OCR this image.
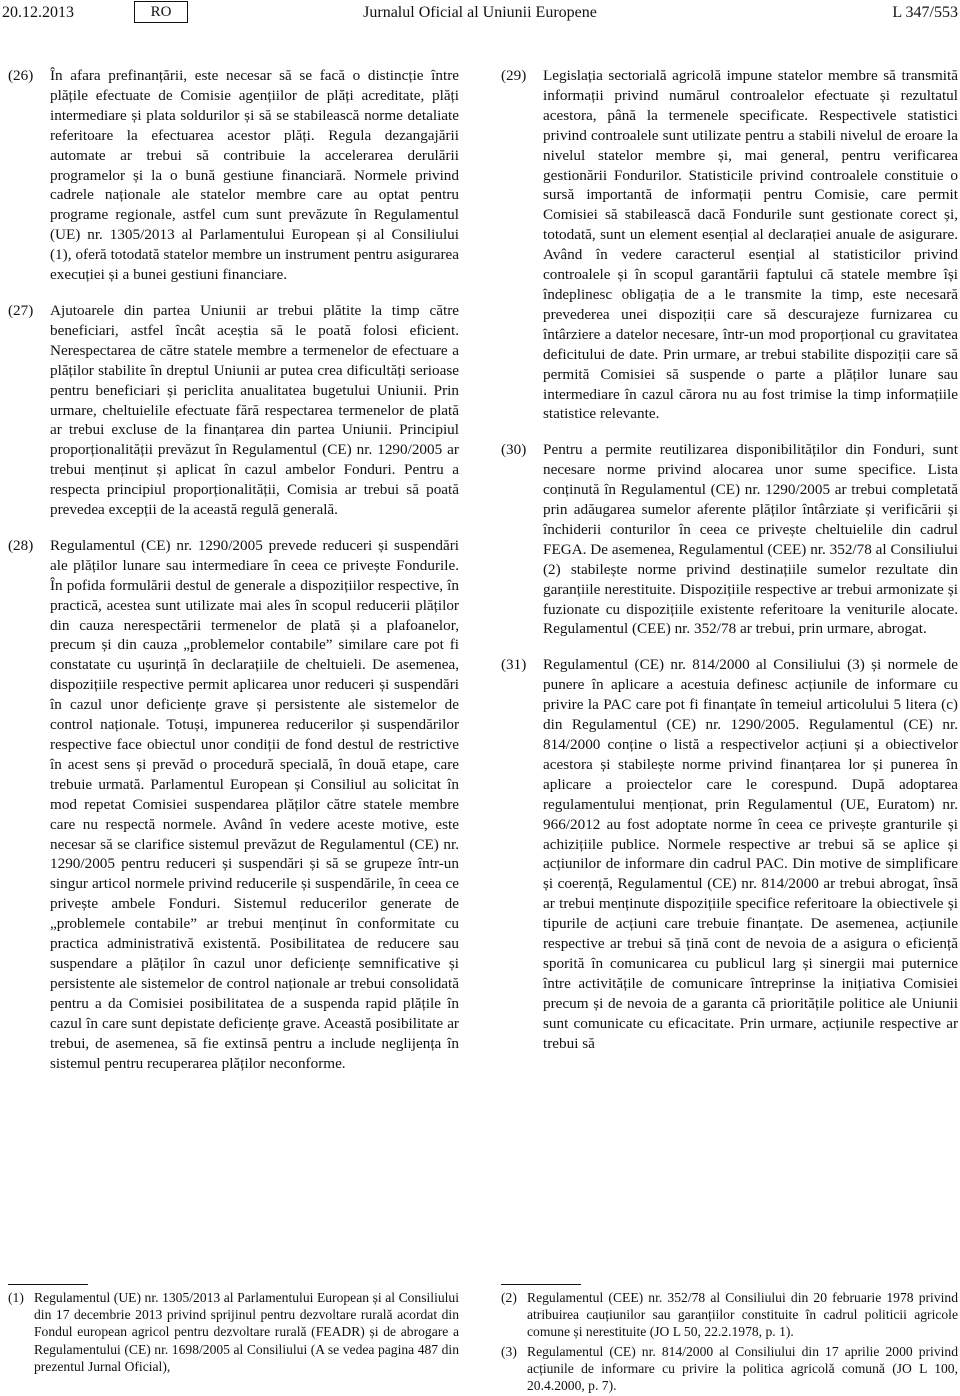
20.12.2013	RO	Jurnalul Oficial al Uniunii Europene	L 347/553
(26)	În afara prefinanțării, este necesar să se facă o distincție între plățile efectuate de Comisie agențiilor de plăți acreditate, plăți intermediare și plata soldurilor și să se stabilească norme detaliate referitoare la efectuarea acestor plăți. Regula dezangajării automate ar trebui să contribuie la accelerarea derulării programelor și la o bună gestiune financiară. Normele privind cadrele naționale ale statelor membre care au optat pentru programe regionale, astfel cum sunt prevăzute în Regulamentul (UE) nr. 1305/2013 al Parlamentului European și al Consiliului (1), oferă totodată statelor membre un instrument pentru asigurarea execuției și a bunei gestiuni financiare.
(27)	Ajutoarele din partea Uniunii ar trebui plătite la timp către beneficiari, astfel încât aceștia să le poată folosi eficient. Nerespectarea de către statele membre a termenelor de efectuare a plăților stabilite în dreptul Uniunii ar putea crea dificultăți serioase pentru beneficiari și periclita anualitatea bugetului Uniunii. Prin urmare, cheltuielile efectuate fără respectarea termenelor de plată ar trebui excluse de la finanțarea din partea Uniunii. Principiul proporționalității prevăzut în Regulamentul (CE) nr. 1290/2005 ar trebui menținut și aplicat în cazul ambelor Fonduri. Pentru a respecta principiul proporționalității, Comisia ar trebui să poată prevedea excepții de la această regulă generală.
(28)	Regulamentul (CE) nr. 1290/2005 prevede reduceri și suspendări ale plăților lunare sau intermediare în ceea ce privește Fondurile. În pofida formulării destul de generale a dispozițiilor respective, în practică, acestea sunt utilizate mai ales în scopul reducerii plăților din cauza nerespectării termenelor de plată și a plafoanelor, precum și din cauza „problemelor contabile” similare care pot fi constatate cu ușurință în declarațiile de cheltuieli. De asemenea, dispozițiile respective permit aplicarea unor reduceri și suspendări în cazul unor deficiențe grave și persistente ale sistemelor de control naționale. Totuși, impunerea reducerilor și suspendărilor respective face obiectul unor condiții de fond destul de restrictive în acest sens și prevăd o procedură specială, în două etape, care trebuie urmată. Parlamentul European și Consiliul au solicitat în mod repetat Comisiei suspendarea plăților către statele membre care nu respectă normele. Având în vedere aceste motive, este necesar să se clarifice sistemul prevăzut de Regulamentul (CE) nr. 1290/2005 pentru reduceri și suspendări și să se grupeze într-un singur articol normele privind reducerile și suspendările, în ceea ce privește ambele Fonduri. Sistemul reducerilor generate de „problemele contabile” ar trebui menținut în conformitate cu practica administrativă existentă. Posibilitatea de reducere sau suspendare a plăților în cazul unor deficiențe semnificative și persistente ale sistemelor de control naționale ar trebui consolidată pentru a da Comisiei posibilitatea de a suspenda rapid plățile în cazul în care sunt depistate deficiențe grave. Această posibilitate ar trebui, de asemenea, să fie extinsă pentru a include neglijența în sistemul pentru recuperarea plăților neconforme.
(29)	Legislația sectorială agricolă impune statelor membre să transmită informații privind numărul controalelor efectuate și rezultatul acestora, până la termenele specificate. Respectivele statistici privind controalele sunt utilizate pentru a stabili nivelul de eroare la nivelul statelor membre și, mai general, pentru verificarea gestionării Fondurilor. Statisticile privind controalele constituie o sursă importantă de informații pentru Comisie, care permit Comisiei să stabilească dacă Fondurile sunt gestionate corect și, totodată, sunt un element esențial al declarației anuale de asigurare. Având în vedere caracterul esențial al statisticilor privind controalele și în scopul garantării faptului că statele membre își îndeplinesc obligația de a le transmite la timp, este necesară prevederea unei dispoziții care să descurajeze furnizarea cu întârziere a datelor necesare, într-un mod proporțional cu gravitatea deficitului de date. Prin urmare, ar trebui stabilite dispoziții care să permită Comisiei să suspende o parte a plăților lunare sau intermediare în cazul cărora nu au fost trimise la timp informațiile statistice relevante.
(30)	Pentru a permite reutilizarea disponibilităților din Fonduri, sunt necesare norme privind alocarea unor sume specifice. Lista conținută în Regulamentul (CE) nr. 1290/2005 ar trebui completată prin adăugarea sumelor aferente plăților întârziate și verificării și închiderii conturilor în ceea ce privește cheltuielile din cadrul FEGA. De asemenea, Regulamentul (CEE) nr. 352/78 al Consiliului (2) stabilește norme privind destinațiile sumelor rezultate din garanțiile nerestituite. Dispozițiile respective ar trebui armonizate și fuzionate cu dispozițiile existente referitoare la veniturile alocate. Regulamentul (CEE) nr. 352/78 ar trebui, prin urmare, abrogat.
(31)	Regulamentul (CE) nr. 814/2000 al Consiliului (3) și normele de punere în aplicare a acestuia definesc acțiunile de informare cu privire la PAC care pot fi finanțate în temeiul articolului 5 litera (c) din Regulamentul (CE) nr. 1290/2005. Regulamentul (CE) nr. 814/2000 conține o listă a respectivelor acțiuni și a obiectivelor acestora și stabilește norme privind finanțarea lor și punerea în aplicare a proiectelor care le corespund. După adoptarea regulamentului menționat, prin Regulamentul (UE, Euratom) nr. 966/2012 au fost adoptate norme în ceea ce privește granturile și achizițiile publice. Normele respective ar trebui să se aplice și acțiunilor de informare din cadrul PAC. Din motive de simplificare și coerență, Regulamentul (CE) nr. 814/2000 ar trebui abrogat, însă ar trebui menținute dispozițiile specifice referitoare la obiectivele și tipurile de acțiuni care trebuie finanțate. De asemenea, acțiunile respective ar trebui să țină cont de nevoia de a asigura o eficiență sporită în comunicarea cu publicul larg și sinergii mai puternice între activitățile de comunicare întreprinse la inițiativa Comisiei precum și de nevoia de a garanta că prioritățile politice ale Uniunii sunt comunicate cu eficacitate. Prin urmare, acțiunile respective ar trebui să
(1) Regulamentul (UE) nr. 1305/2013 al Parlamentului European și al Consiliului din 17 decembrie 2013 privind sprijinul pentru dezvoltare rurală acordat din Fondul european agricol pentru dezvoltare rurală (FEADR) și de abrogare a Regulamentului (CE) nr. 1698/2005 al Consiliului (A se vedea pagina 487 din prezentul Jurnal Oficial),
(2) Regulamentul (CEE) nr. 352/78 al Consiliului din 20 februarie 1978 privind atribuirea cauțiunilor sau garanțiilor constituite în cadrul politicii agricole comune și nerestituite (JO L 50, 22.2.1978, p. 1).
(3) Regulamentul (CE) nr. 814/2000 al Consiliului din 17 aprilie 2000 privind acțiunile de informare cu privire la politica agricolă comună (JO L 100, 20.4.2000, p. 7).
